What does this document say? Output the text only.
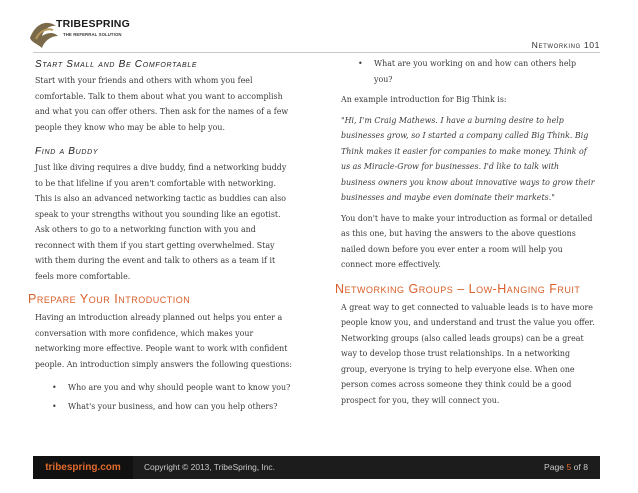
TRIBESPRING
THE REFERRAL SOLUTION
Networking 101
Start Small and Be Comfortable

Start with your friends and others with whom you feel comfortable. Talk to them about what you want to accomplish and what you can offer others. Then ask for the names of a few people they know who may be able to help you.

Find a Buddy

Just like diving requires a dive buddy, find a networking buddy to be that lifeline if you aren't comfortable with networking. This is also an advanced networking tactic as buddies can also speak to your strengths without you sounding like an egotist. Ask others to go to a networking function with you and reconnect with them if you start getting overwhelmed. Stay with them during the event and talk to others as a team if it feels more comfortable.

Prepare Your Introduction

Having an introduction already planned out helps you enter a conversation with more confidence, which makes your networking more effective. People want to work with confident people. An introduction simply answers the following questions:

• Who are you and why should people want to know you?
• What's your business, and how can you help others?
• What are you working on and how can others help you?

An example introduction for Big Think is:

"Hi, I'm Craig Mathews. I have a burning desire to help businesses grow, so I started a company called Big Think. Big Think makes it easier for companies to make money. Think of us as Miracle-Grow for businesses. I'd like to talk with business owners you know about innovative ways to grow their businesses and maybe even dominate their markets."

You don't have to make your introduction as formal or detailed as this one, but having the answers to the above questions nailed down before you ever enter a room will help you connect more effectively.

Networking Groups – Low-Hanging Fruit

A great way to get connected to valuable leads is to have more people know you, and understand and trust the value you offer. Networking groups (also called leads groups) can be a great way to develop those trust relationships. In a networking group, everyone is trying to help everyone else. When one person comes across someone they think could be a good prospect for you, they will connect you.

tribespring.com	Copyright © 2013, TribeSpring, Inc.	Page 5 of 8
